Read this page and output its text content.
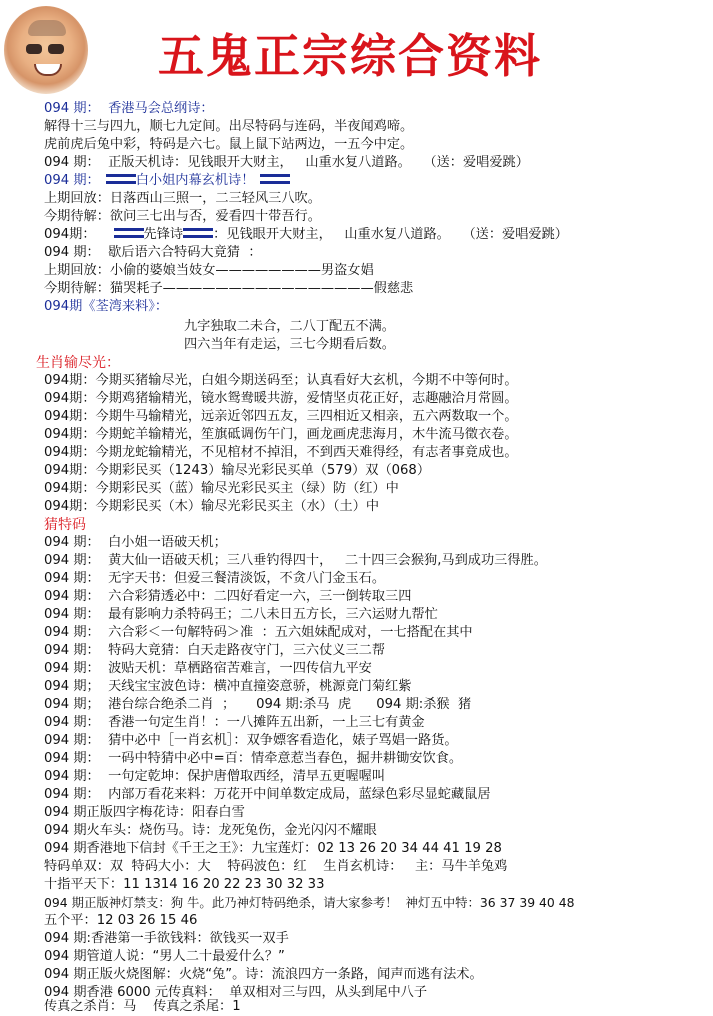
五鬼正宗综合资料
094 期：  香港马会总纲诗：
解得十三与四九，顺七九定间。出尽特码与连码，半夜闻鸡啼。
虎前虎后兔中彩，特码是六七。鼠上鼠下站两边，一五今中定。
094 期：  正版天机诗：见钱眼开大财主，   山重水复八道路。   （送：爱唱爱跳）
094 期：	白小姐内幕玄机诗！
上期回放：日落西山三照一，二三轻风三八吹。
今期待解：欲问三七出与否，爱看四十带吾行。
094期：	先锋诗 ：见钱眼开大财主，   山重水复八道路。   （送：爱唱爱跳）
094 期：  歇后语六合特码大竟猜  ：
上期回放：小偷的婆娘当妓女————————男盗女娼
今期待解：猫哭耗子————————————————假慈悲
094期《荃湾来料》：
九字独取二未合，二八丁配五不满。
四六当年有走运，三七今期看后数。
生肖输尽光：
094期：今期买猪输尽光，白姐今期送码至；认真看好大玄机，今期不中等何时。
094期：今期鸡猪输精光，镜水鸳鸯暖共游，爱情坚贞花正好，志趣融洽月常圆。
094期：今期牛马输精光，远亲近邻四五友，三四相近又相亲，五六两数取一个。
094期：今期蛇羊输精光，笙旗砥调伤午门，画龙画虎悲海月，木牛流马徵衣卷。
094期：今期龙蛇输精光，不见棺材不掉泪，不到西天难得经，有志者事竟成也。
094期：今期彩民买（1243）输尽光彩民买单（579）双（068）
094期：今期彩民买（蓝）输尽光彩民买主（绿）防（红）中
094期：今期彩民买（木）输尽光彩民买主（水）（土）中
猜特码
094 期：  白小姐一语破天机；
094 期：  黄大仙一语破天机；三八垂钓得四十，   二十四三会猴狗,马到成功三得胜。
094 期：  无字天书：但爱三餐清淡饭，不贪八门金玉石。
094 期：  六合彩猜透必中：二四好看定一六，三一倒转取三四
094 期：  最有影响力杀特码王；二八未日五方长，三六运财九帮忙
094 期：  六合彩＜一句解特码＞准  ：五六姐妹配成对，一七搭配在其中
094 期：  特码大竟猜：白天走路夜守门，三六仗义三二帮
094 期：  波贴天机：草栖路宿苦难言，一四传信九平安
094 期；  天线宝宝波色诗：横冲直撞姿意骄，桃源竟门菊红紫
094 期；  港台综合绝杀二肖  ；     094 期:杀马  虎      094 期:杀猴  猪
094 期：  香港一句定生肖！：一八摊阵五出新，一上三七有黄金
094 期：  猜中必中［一肖玄机］：双争嫖客看造化，婊子骂娼一路货。
094 期：  一码中特猜中必中=百：情牵意惹当春色，掘井耕锄安饮食。
094 期：  一句定乾坤：保护唐僧取西经，清早五更喔喔叫
094 期：  内部万看花来料：万花开中间单数定成局，蓝绿色彩尽显蛇藏鼠居
094 期正版四字梅花诗：阳春白雪
094 期火车头：烧伤马。诗：龙死兔伤，金光闪闪不耀眼
094 期香港地下信封《千王之王》：九宝莲灯：02 13 26 20 34 44 41 19 28
特码单双：双  特码大小：大    特码波色：红    生肖玄机诗：   主：马牛羊兔鸡
十指平天下：11 1314 16 20 22 23 30 32 33
094 期正版神灯禁支：狗 牛。此乃神灯特码绝杀，请大家参考！  神灯五中特：36 37 39 40 48
五个平：12 03 26 15 46
094 期:香港第一手欲钱料：欲钱买一双手
094 期管道人说：“男人二十最爱什么？”
094 期正版火烧图解：火烧“兔”。诗：流浪四方一条路，闻声而逃有法术。
094 期香港 6000 元传真料：  单双相对三与四，从头到尾中八子
传真之杀肖：马    传真之杀尾：1
